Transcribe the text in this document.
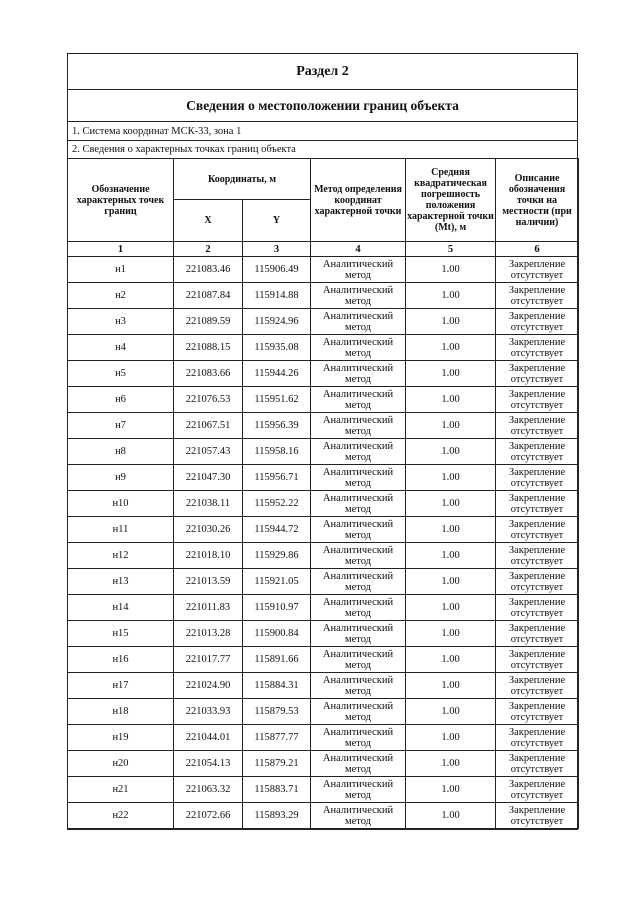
Раздел 2
Сведения о местоположении границ объекта
1. Система координат МСК-33, зона 1
2. Сведения о характерных точках границ объекта
Обозначение характерных точек границ	Координаты, м		Метод определения координат характерной точки	Средняя квадратическая погрешность положения характерной точки (Mt), м	Описание обозначения точки на местности (при наличии)
	X	Y			
1	2	3	4	5	6
н1	221083.46	115906.49	Аналитический метод	1.00	Закрепление отсутствует
н2	221087.84	115914.88	Аналитический метод	1.00	Закрепление отсутствует
н3	221089.59	115924.96	Аналитический метод	1.00	Закрепление отсутствует
н4	221088.15	115935.08	Аналитический метод	1.00	Закрепление отсутствует
н5	221083.66	115944.26	Аналитический метод	1.00	Закрепление отсутствует
н6	221076.53	115951.62	Аналитический метод	1.00	Закрепление отсутствует
н7	221067.51	115956.39	Аналитический метод	1.00	Закрепление отсутствует
н8	221057.43	115958.16	Аналитический метод	1.00	Закрепление отсутствует
н9	221047.30	115956.71	Аналитический метод	1.00	Закрепление отсутствует
н10	221038.11	115952.22	Аналитический метод	1.00	Закрепление отсутствует
н11	221030.26	115944.72	Аналитический метод	1.00	Закрепление отсутствует
н12	221018.10	115929.86	Аналитический метод	1.00	Закрепление отсутствует
н13	221013.59	115921.05	Аналитический метод	1.00	Закрепление отсутствует
н14	221011.83	115910.97	Аналитический метод	1.00	Закрепление отсутствует
н15	221013.28	115900.84	Аналитический метод	1.00	Закрепление отсутствует
н16	221017.77	115891.66	Аналитический метод	1.00	Закрепление отсутствует
н17	221024.90	115884.31	Аналитический метод	1.00	Закрепление отсутствует
н18	221033.93	115879.53	Аналитический метод	1.00	Закрепление отсутствует
н19	221044.01	115877.77	Аналитический метод	1.00	Закрепление отсутствует
н20	221054.13	115879.21	Аналитический метод	1.00	Закрепление отсутствует
н21	221063.32	115883.71	Аналитический метод	1.00	Закрепление отсутствует
н22	221072.66	115893.29	Аналитический метод	1.00	Закрепление отсутствует
